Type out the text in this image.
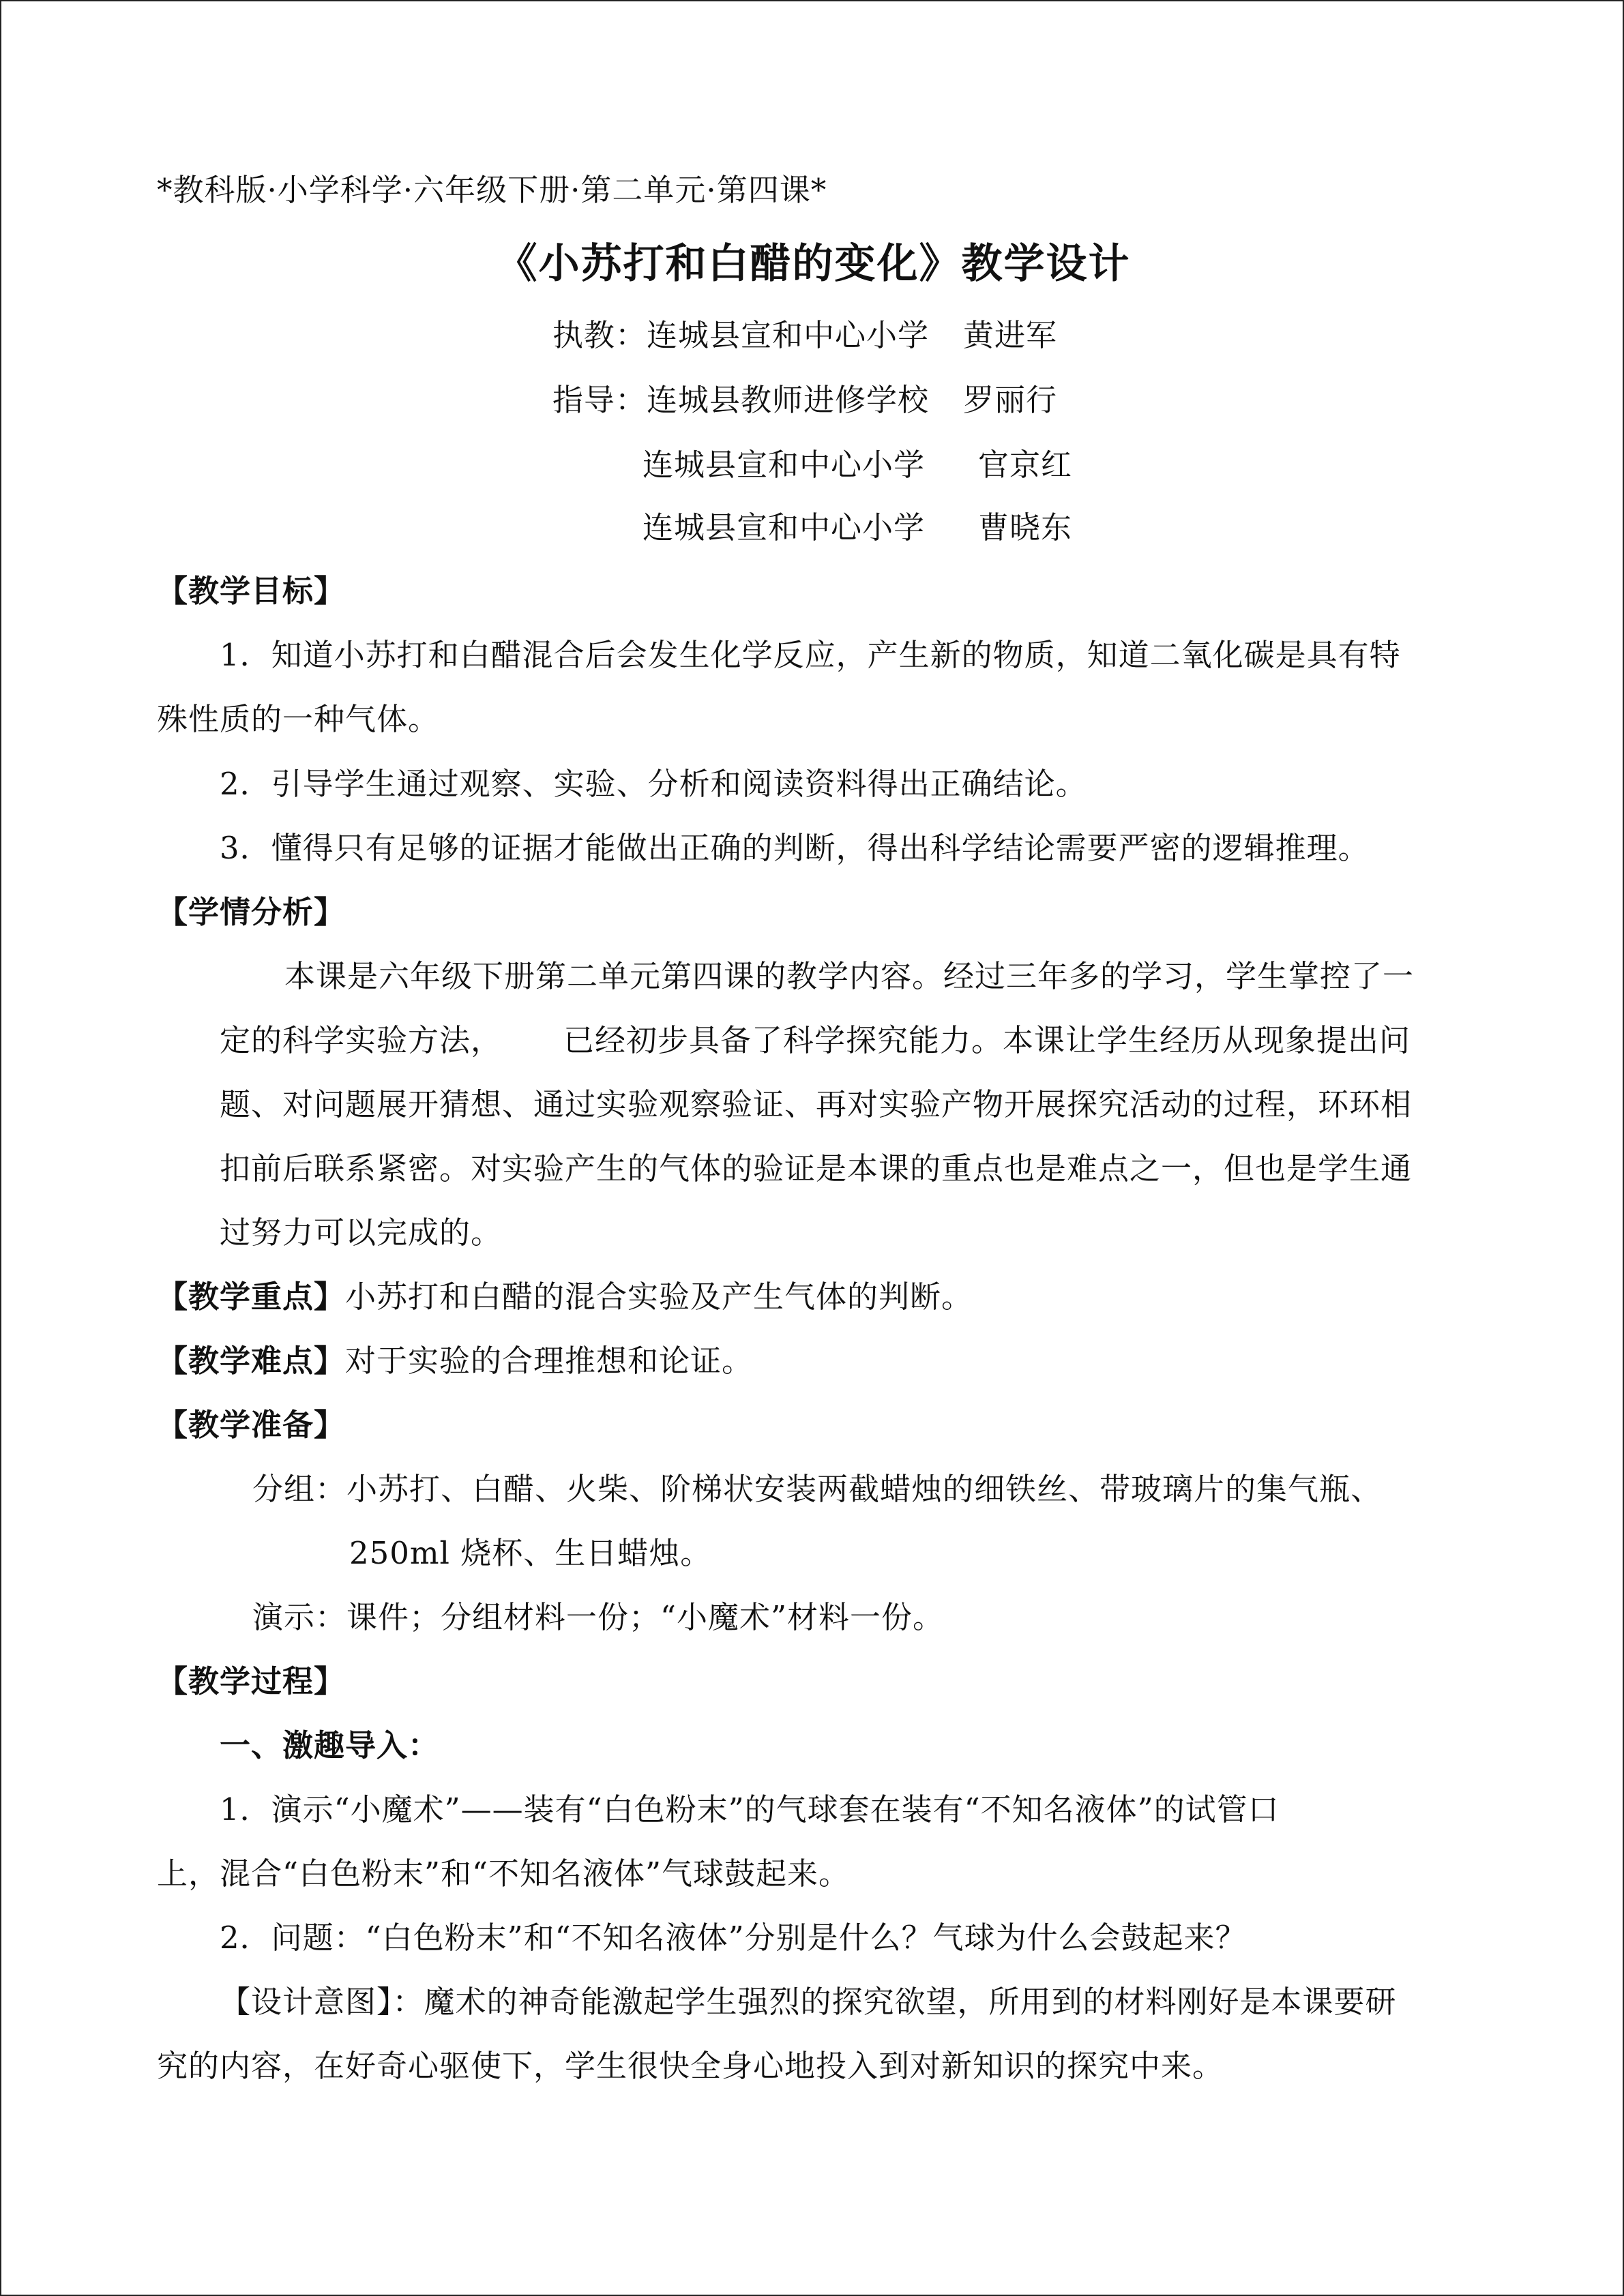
*教科版·小学科学·六年级下册·第二单元·第四课*
《小苏打和白醋的变化》教学设计
执教：连城县宣和中心小学 黄进军
指导：连城县教师进修学校 罗丽行
连城县宣和中心小学 官京红
连城县宣和中心小学 曹晓东
【教学目标】
1．知道小苏打和白醋混合后会发生化学反应，产生新的物质，知道二氧化碳是具有特
殊性质的一种气体。
2．引导学生通过观察、实验、分析和阅读资料得出正确结论。
3．懂得只有足够的证据才能做出正确的判断，得出科学结论需要严密的逻辑推理。
【学情分析】
本课是六年级下册第二单元第四课的教学内容。经过三年多的学习，学生掌控了一
定的科学实验方法， 已经初步具备了科学探究能力。本课让学生经历从现象提出问
题、对问题展开猜想、通过实验观察验证、再对实验产物开展探究活动的过程，环环相
扣前后联系紧密。对实验产生的气体的验证是本课的重点也是难点之一，但也是学生通
过努力可以完成的。
【教学重点】小苏打和白醋的混合实验及产生气体的判断。
【教学难点】对于实验的合理推想和论证。
【教学准备】
分组：小苏打、白醋、火柴、阶梯状安装两截蜡烛的细铁丝、带玻璃片的集气瓶、
250ml 烧杯、生日蜡烛。
演示：课件；分组材料一份；“小魔术”材料一份。
【教学过程】
一、激趣导入：
1．演示“小魔术”——装有“白色粉末”的气球套在装有“不知名液体”的试管口
上，混合“白色粉末”和“不知名液体”气球鼓起来。
2．问题：“白色粉末”和“不知名液体”分别是什么？气球为什么会鼓起来？
【设计意图】：魔术的神奇能激起学生强烈的探究欲望，所用到的材料刚好是本课要研
究的内容，在好奇心驱使下，学生很快全身心地投入到对新知识的探究中来。
